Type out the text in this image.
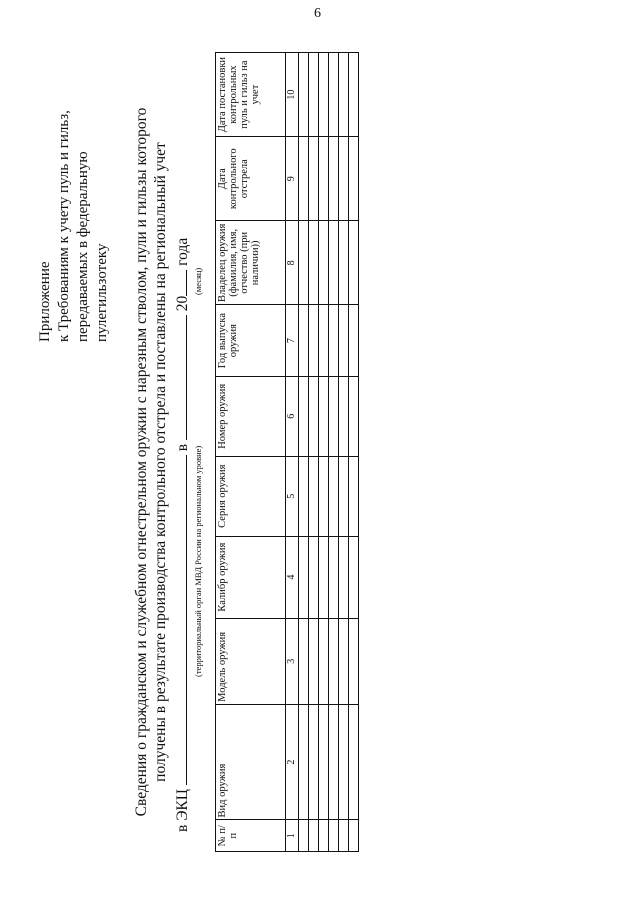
6
Приложение к Требованиям к учету пуль и гильз, передаваемых в федеральную пулегильзотеку Сведения о гражданском и служебном огнестрельном оружии с нарезным стволом, пули и гильзы которого получены в результате производства контрольного отстрела и поставлены на региональный учет
в ЭКЦ  в  20 года
(территориальный орган МВД России на региональном уровне)
(месяц)
№ п/п	Вид оружия	Модель оружия	Калибр оружия	Серия оружия	Номер оружия	Год выпуска оружия	Владелец оружия (фамилия, имя, отчество (при наличии))	Дата контрольного отстрела	Дата постановки контрольных пуль и гильз на учет
1	2	3	4	5	6	7	8	9	10
